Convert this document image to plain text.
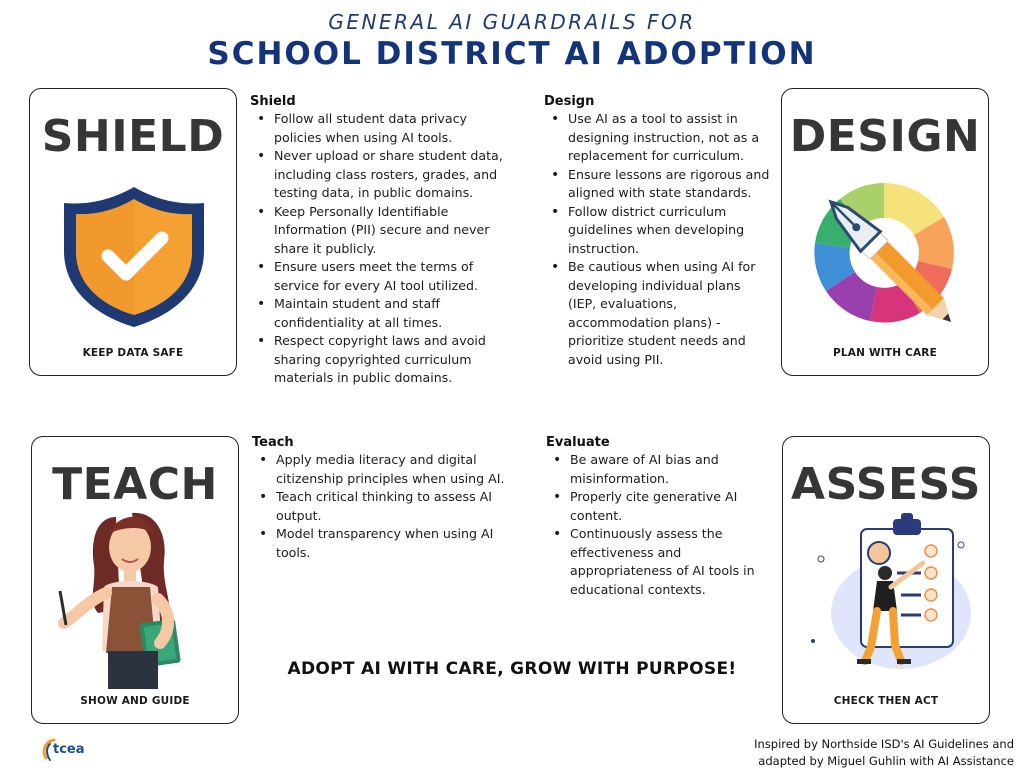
GENERAL AI GUARDRAILS FOR
SCHOOL DISTRICT AI ADOPTION
SHIELD
KEEP DATA SAFE
DESIGN
PLAN WITH CARE
TEACH
SHOW AND GUIDE
ASSESS
CHECK THEN ACT
Shield
• Follow all student data privacy policies when using AI tools.
• Never upload or share student data, including class rosters, grades, and testing data, in public domains.
• Keep Personally Identifiable Information (PII) secure and never share it publicly.
• Ensure users meet the terms of service for every AI tool utilized.
• Maintain student and staff confidentiality at all times.
• Respect copyright laws and avoid sharing copyrighted curriculum materials in public domains.
Design
• Use AI as a tool to assist in designing instruction, not as a replacement for curriculum.
• Ensure lessons are rigorous and aligned with state standards.
• Follow district curriculum guidelines when developing instruction.
• Be cautious when using AI for developing individual plans (IEP, evaluations, accommodation plans) - prioritize student needs and avoid using PII.
Teach
• Apply media literacy and digital citizenship principles when using AI.
• Teach critical thinking to assess AI output.
• Model transparency when using AI tools.
Evaluate
• Be aware of AI bias and misinformation.
• Properly cite generative AI content.
• Continuously assess the effectiveness and appropriateness of AI tools in educational contexts.
ADOPT AI WITH CARE, GROW WITH PURPOSE!
tcea	Inspired by Northside ISD's AI Guidelines and
adapted by Miguel Guhlin with AI Assistance
